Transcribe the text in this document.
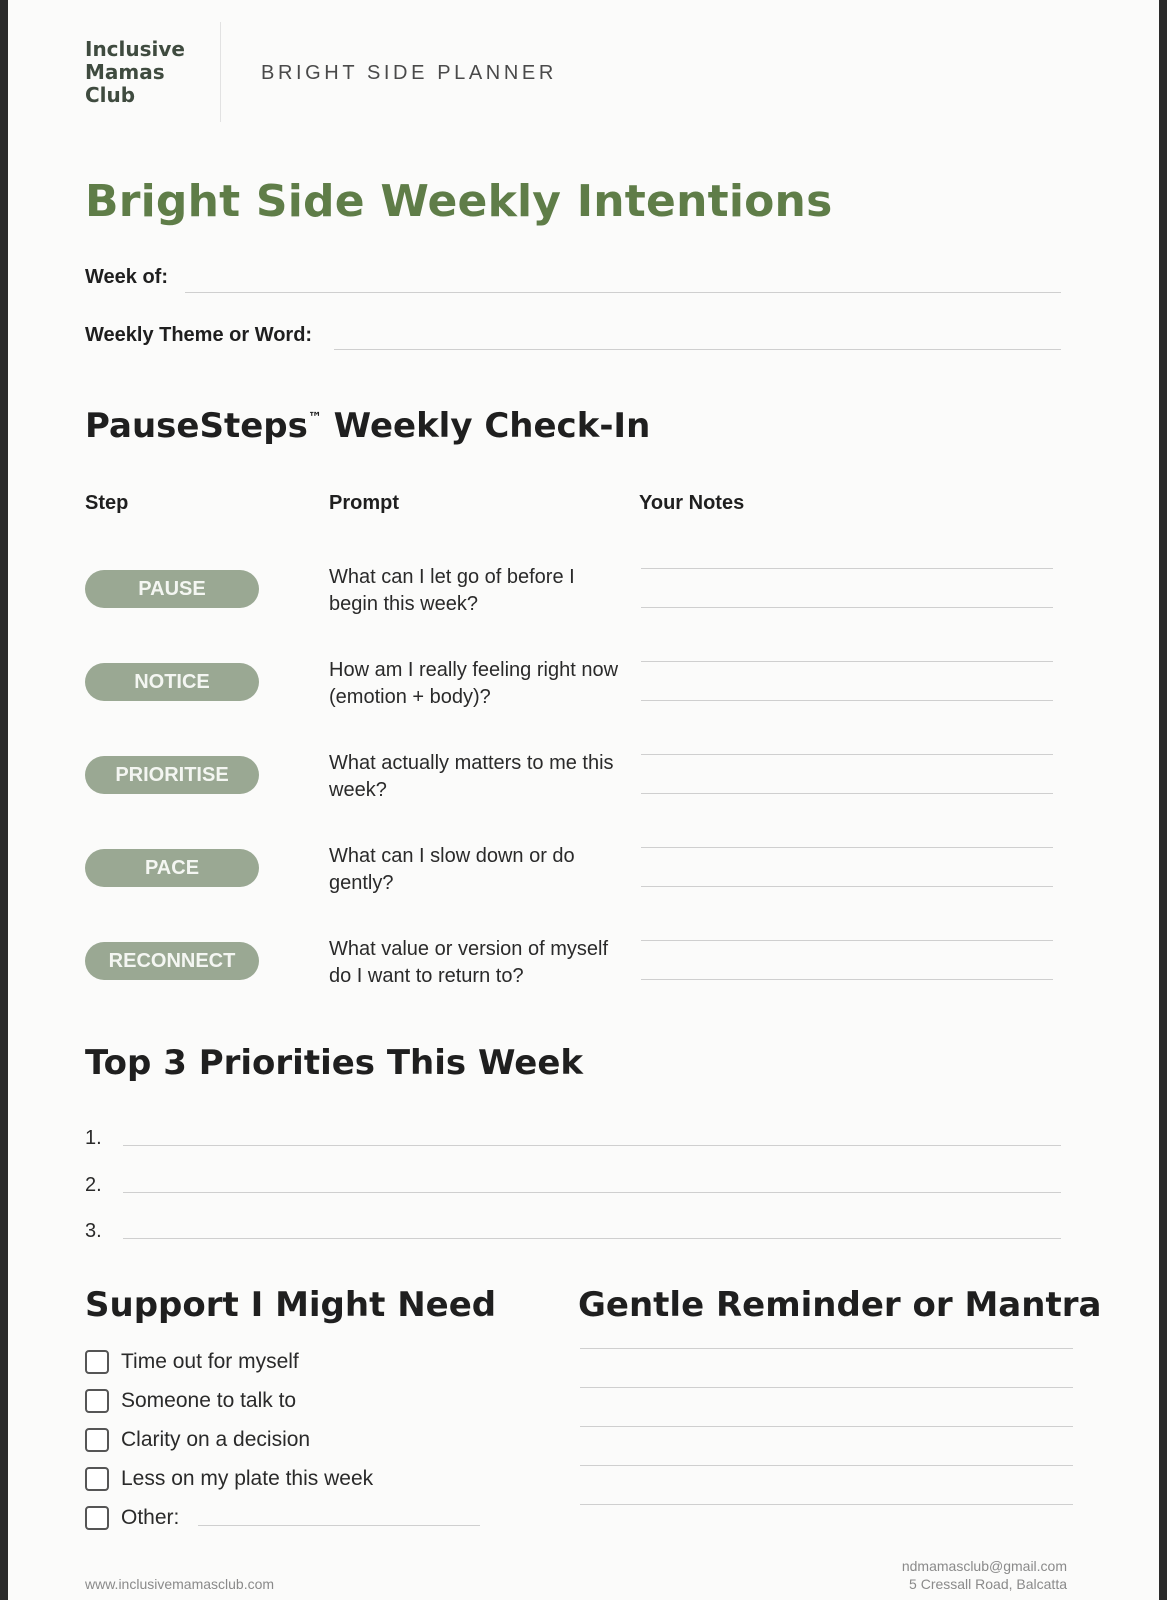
Inclusive
Mamas
Club
BRIGHT SIDE PLANNER
Bright Side Weekly Intentions
Week of:
Weekly Theme or Word:
PauseSteps™ Weekly Check-In
Step	Prompt	Your Notes
PAUSE
What can I let go of before I begin this week?
NOTICE
How am I really feeling right now (emotion + body)?
PRIORITISE
What actually matters to me this week?
PACE
What can I slow down or do gently?
RECONNECT
What value or version of myself do I want to return to?
Top 3 Priorities This Week
1.
2.
3.
Support I Might Need
Time out for myself
Someone to talk to
Clarity on a decision
Less on my plate this week
Other:
Gentle Reminder or Mantra
www.inclusivemamasclub.com
ndmamasclub@gmail.com
5 Cressall Road, Balcatta
